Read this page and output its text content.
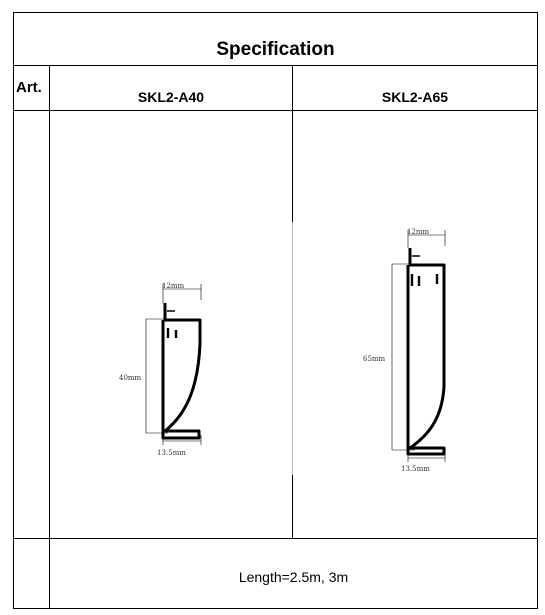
Specification
Art.
SKL2-A40	SKL2-A65
Length=2.5m, 3m
12mm
40mm
13.5mm
12mm
65mm
13.5mm
